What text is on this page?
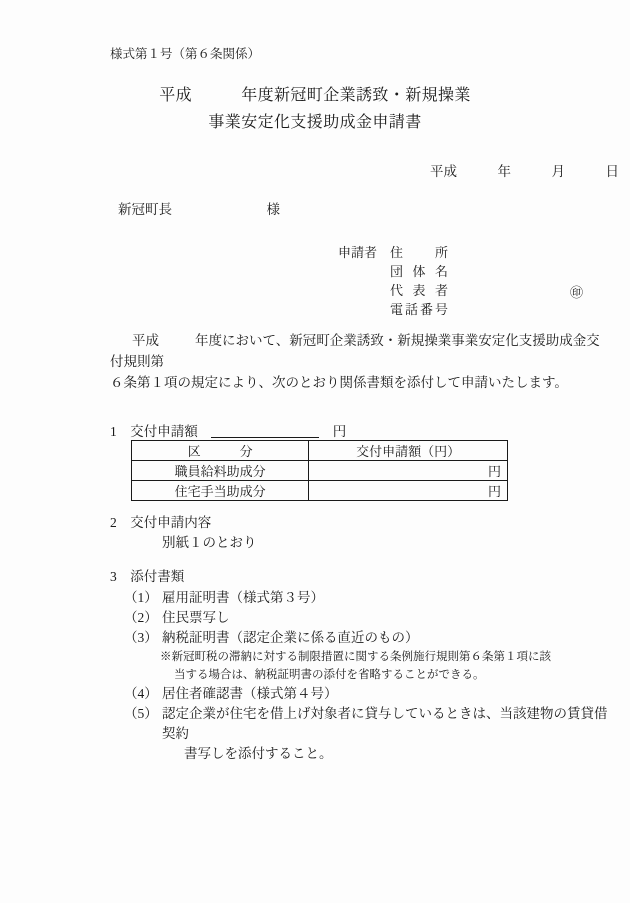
様式第１号（第６条関係）
平成　　　年度新冠町企業誘致・新規操業
事業安定化支援助成金申請書
平成　　　年　　　月　　　日
新冠町長　　　　　　　様
申請者 住 所
団 体 名
代 表 者
電 話 番 号
㊞
平成	年度において、新冠町企業誘致・新規操業事業安定化支援助成金交付規則第
６条第１項の規定により、次のとおり関係書類を添付して申請いたします。
1　 交付申請額　　	円
区　　　分	交付申請額（円）
職員給料助成分	円
住宅手当助成分	円
2　 交付申請内容
別紙１のとおり
3　 添付書類
（1） 雇用証明書（様式第３号）
（2） 住民票写し
（3） 納税証明書（認定企業に係る直近のもの）
※新冠町税の滞納に対する制限措置に関する条例施行規則第６条第１項に該
当する場合は、納税証明書の添付を省略することができる。
（4） 居住者確認書（様式第４号）
（5） 認定企業が住宅を借上げ対象者に貸与しているときは、当該建物の賃貸借契約
書写しを添付すること。
